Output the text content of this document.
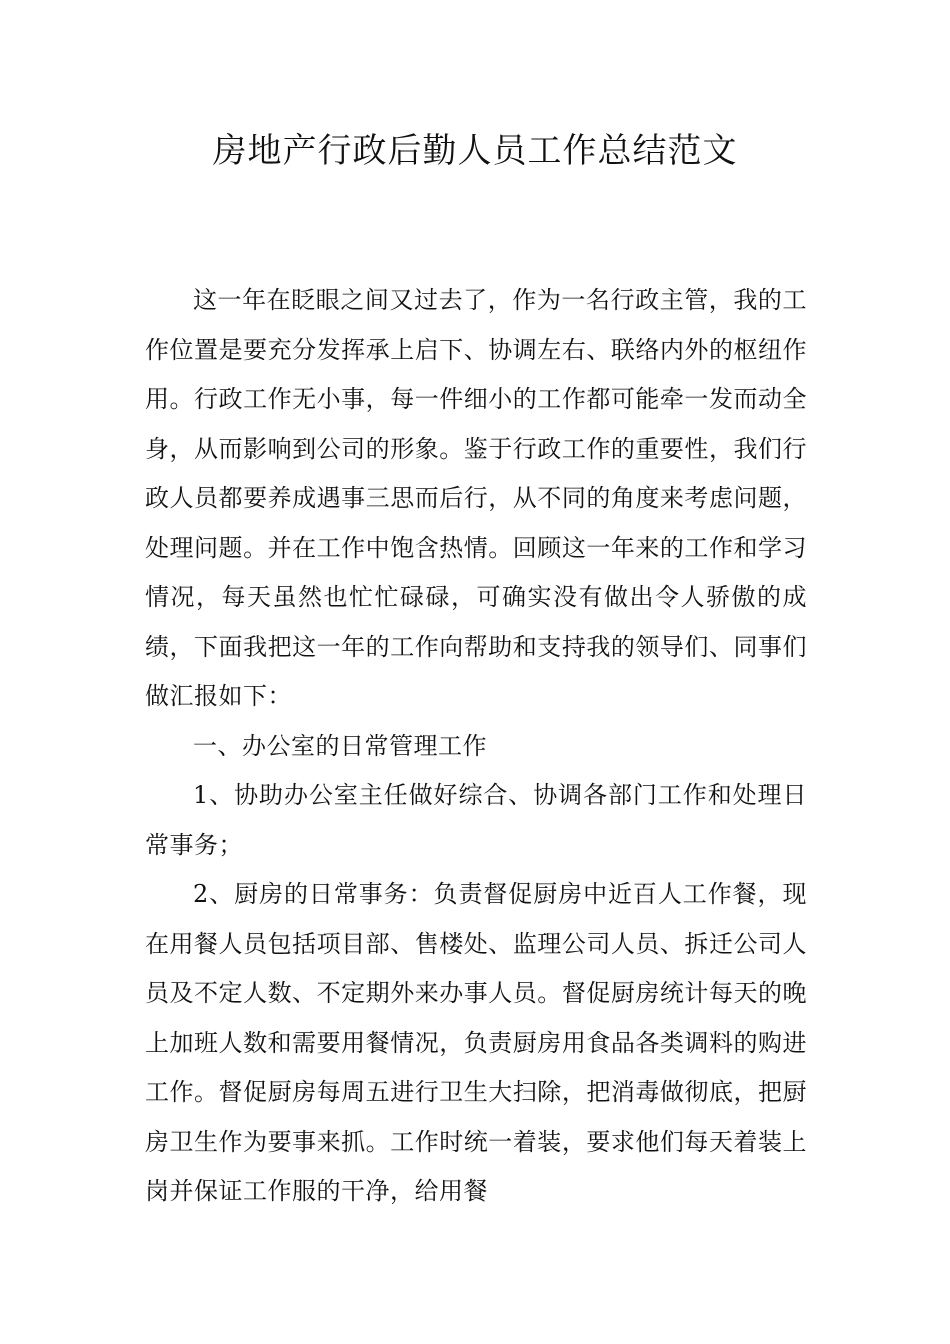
房地产行政后勤人员工作总结范文

这一年在眨眼之间又过去了，作为一名行政主管，我的工作位置是要充分发挥承上启下、协调左右、联络内外的枢纽作用。行政工作无小事，每一件细小的工作都可能牵一发而动全身，从而影响到公司的形象。鉴于行政工作的重要性，我们行政人员都要养成遇事三思而后行，从不同的角度来考虑问题，处理问题。并在工作中饱含热情。回顾这一年来的工作和学习情况，每天虽然也忙忙碌碌，可确实没有做出令人骄傲的成绩，下面我把这一年的工作向帮助和支持我的领导们、同事们做汇报如下：

一、办公室的日常管理工作

1、协助办公室主任做好综合、协调各部门工作和处理日常事务；

2、厨房的日常事务：负责督促厨房中近百人工作餐，现在用餐人员包括项目部、售楼处、监理公司人员、拆迁公司人员及不定人数、不定期外来办事人员。督促厨房统计每天的晚上加班人数和需要用餐情况，负责厨房用食品各类调料的购进工作。督促厨房每周五进行卫生大扫除，把消毒做彻底，把厨房卫生作为要事来抓。工作时统一着装，要求他们每天着装上岗并保证工作服的干净，给用餐
